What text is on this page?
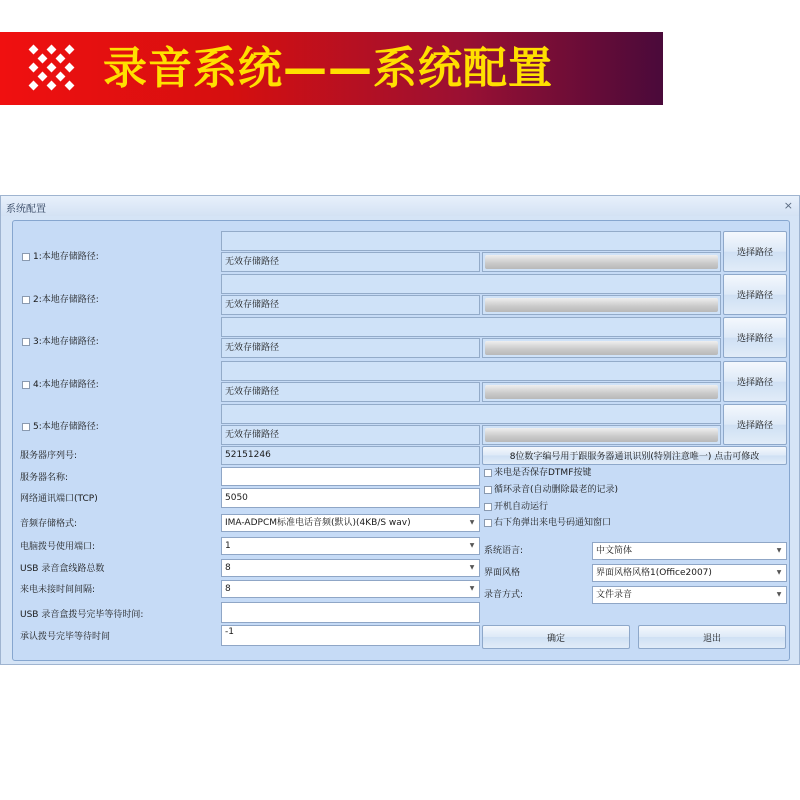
录音系统——系统配置
系统配置	×
1:本地存储路径:	无效存储路径
选择路径
2:本地存储路径:	无效存储路径
选择路径
3:本地存储路径:
无效存储路径
选择路径
4:本地存储路径:
无效存储路径
选择路径
5:本地存储路径:
无效存储路径
选择路径
服务器序列号:	52151246	8位数字编号用于跟服务器通讯识别(特别注意唯一) 点击可修改
服务器名称:
网络通讯端口(TCP)	5050
音频存储格式:	IMA-ADPCM标准电话音频(默认)(4KB/S wav)	▼
电脑拨号使用端口:	1	▼
USB 录音盒线路总数	8	▼
来电未接时间间隔:	8	▼
USB 录音盒拨号完毕等待时间:
承认拨号完毕等待时间	-1
来电是否保存DTMF按键
循环录音(自动删除最老的记录)
开机自动运行
右下角弹出来电号码通知窗口
系统语言:	中文简体	▼
界面风格	界面风格风格1(Office2007)	▼
录音方式:	文件录音	▼
确定	退出
